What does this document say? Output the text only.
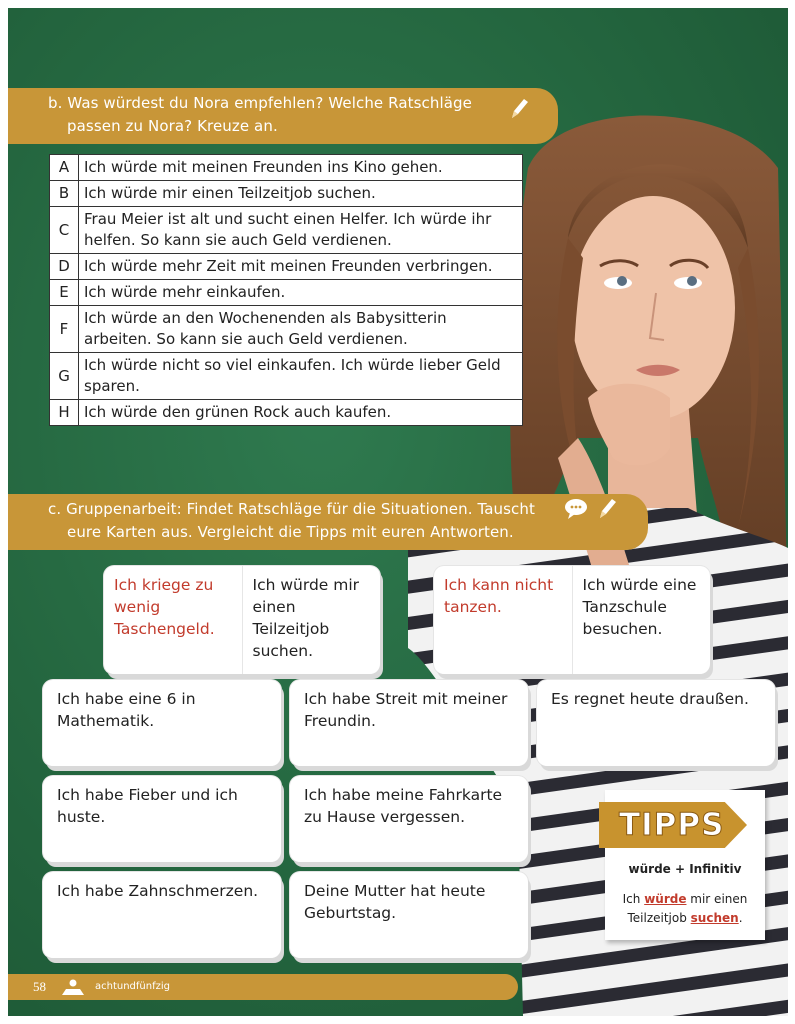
b. Was würdest du Nora empfehlen? Welche Ratschläge
passen zu Nora? Kreuze an.
A	Ich würde mit meinen Freunden ins Kino gehen.
B	Ich würde mir einen Teilzeitjob suchen.
C	Frau Meier ist alt und sucht einen Helfer. Ich würde ihr helfen. So kann sie auch Geld verdienen.
D	Ich würde mehr Zeit mit meinen Freunden verbringen.
E	Ich würde mehr einkaufen.
F	Ich würde an den Wochenenden als Babysitterin arbeiten. So kann sie auch Geld verdienen.
G	Ich würde nicht so viel einkaufen. Ich würde lieber Geld sparen.
H	Ich würde den grünen Rock auch kaufen.
c. Gruppenarbeit: Findet Ratschläge für die Situationen. Tauscht
eure Karten aus. Vergleicht die Tipps mit euren Antworten.
Ich kriege zu wenig Taschengeld.
Ich würde mir einen Teilzeitjob suchen.
Ich kann nicht tanzen.
Ich würde eine Tanzschule besuchen.
Ich habe eine 6 in Mathematik.
Ich habe Streit mit meiner Freundin.
Es regnet heute draußen.
Ich habe Fieber und ich huste.
Ich habe meine Fahrkarte zu Hause vergessen.
Ich habe Zahnschmerzen.	Deine Mutter hat heute Geburtstag.
TIPPS
würde + Infinitiv
Ich würde mir einen
Teilzeitjob suchen.
58	achtundfünfzig
